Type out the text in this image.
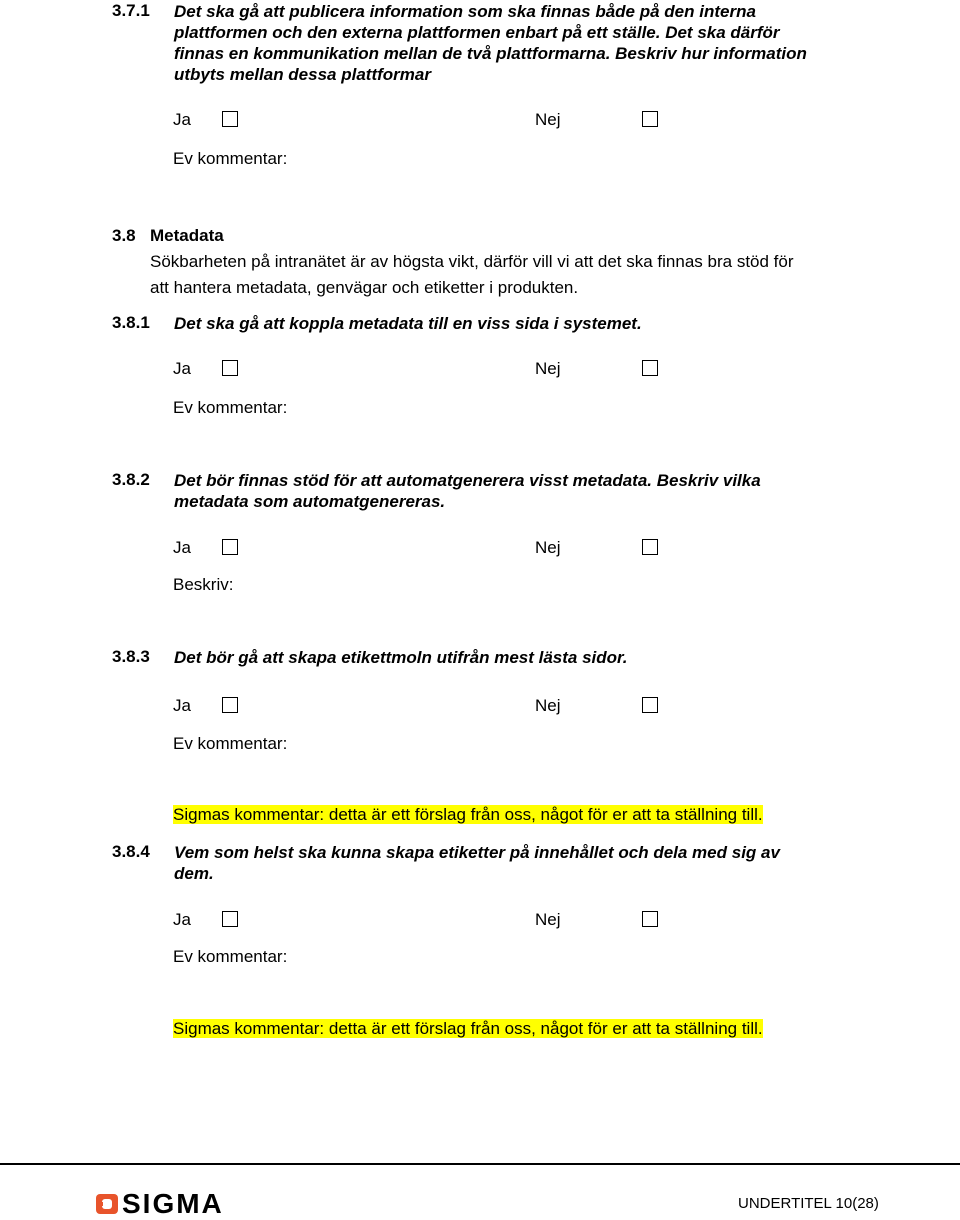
3.7.1 Det ska gå att publicera information som ska finnas både på den interna
plattformen och den externa plattformen enbart på ett ställe. Det ska därför
finnas en kommunikation mellan de två plattformarna. Beskriv hur information
utbyts mellan dessa plattformar
Ja	Nej
Ev kommentar:
3.8 Metadata
Sökbarheten på intranätet är av högsta vikt, därför vill vi att det ska finnas bra stöd för
att hantera metadata, genvägar och etiketter i produkten.
3.8.1 Det ska gå att koppla metadata till en viss sida i systemet.
Ja	Nej
Ev kommentar:
3.8.2 Det bör finnas stöd för att automatgenerera visst metadata. Beskriv vilka
metadata som automatgenereras.
Ja	Nej
Beskriv:
3.8.3 Det bör gå att skapa etikettmoln utifrån mest lästa sidor.
Ja	Nej
Ev kommentar:
Sigmas kommentar: detta är ett förslag från oss, något för er att ta ställning till.
3.8.4 Vem som helst ska kunna skapa etiketter på innehållet och dela med sig av
dem.
Ja	Nej
Ev kommentar:
Sigmas kommentar: detta är ett förslag från oss, något för er att ta ställning till.
SIGMA	UNDERTITEL 10(28)
